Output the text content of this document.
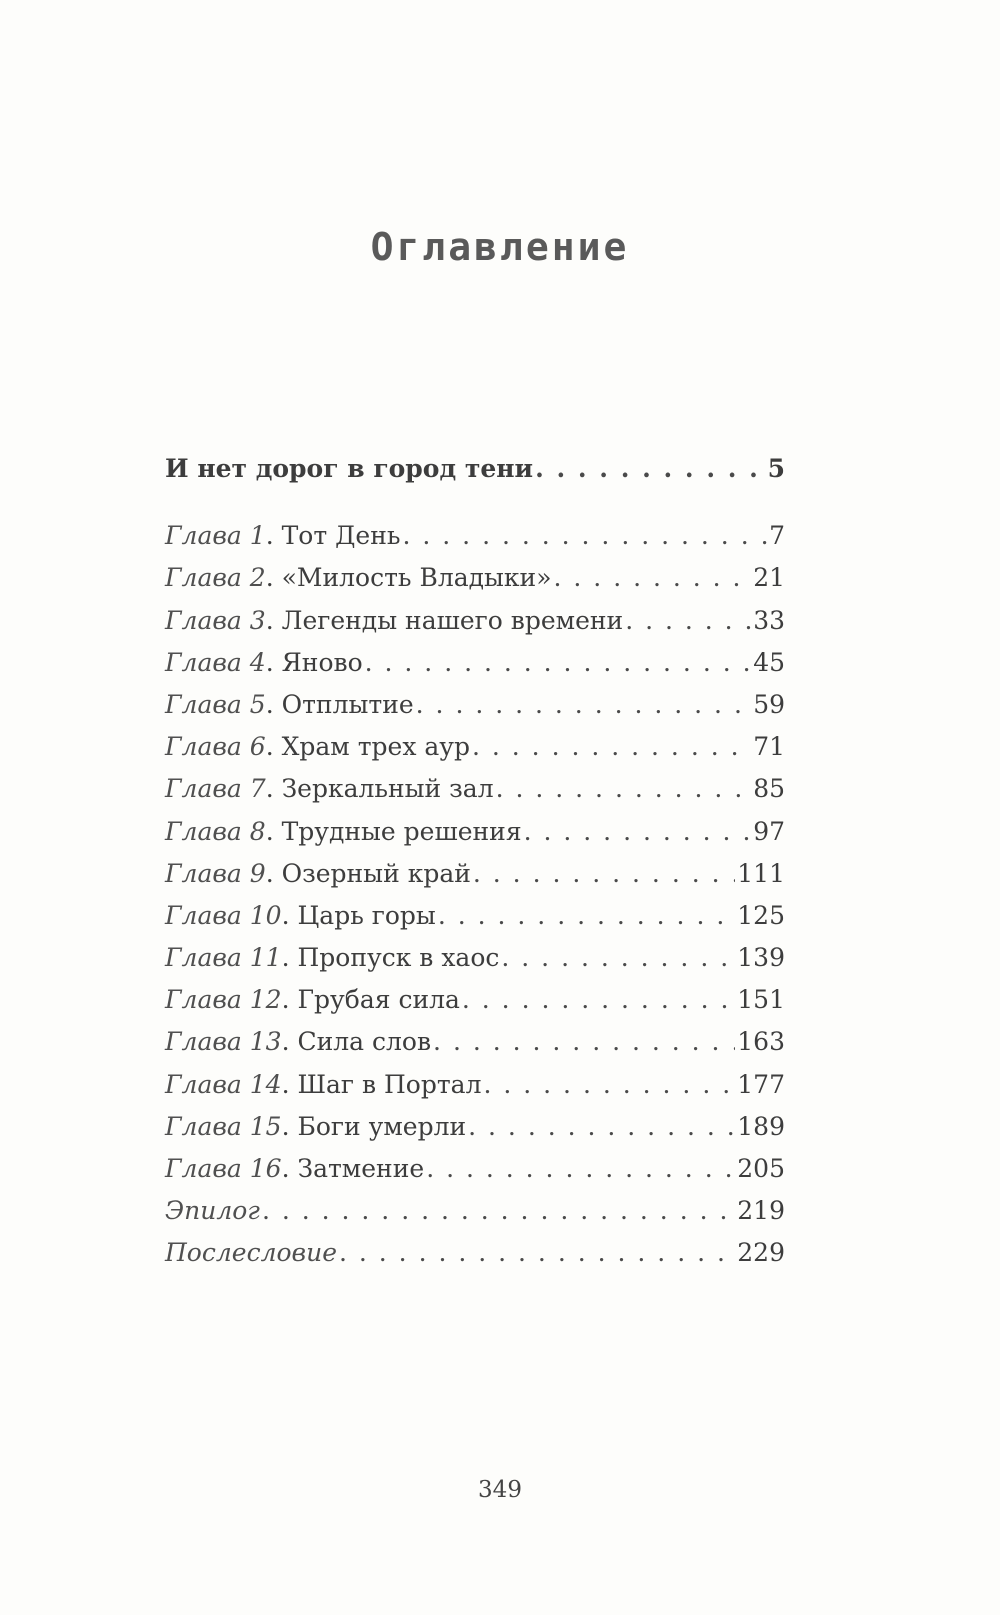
Оглавление
И нет дорог в город тени . . .	5
Глава 1. Тот День . . .	7
Глава 2. «Милость Владыки» . . .	21
Глава 3. Легенды нашего времени . . .	33
Глава 4. Яново . . .	45
Глава 5. Отплытие . . .	59
Глава 6. Храм трех аур . . .	71
Глава 7. Зеркальный зал . . .	85
Глава 8. Трудные решения . . .	97
Глава 9. Озерный край . . .	111
Глава 10. Царь горы . . .	125
Глава 11. Пропуск в хаос . . .	139
Глава 12. Грубая сила . . .	151
Глава 13. Сила слов . . .	163
Глава 14. Шаг в Портал . . .	177
Глава 15. Боги умерли . . .	189
Глава 16. Затмение . . .	205
Эпилог . . .	219
Послесловие . . .	229
349
